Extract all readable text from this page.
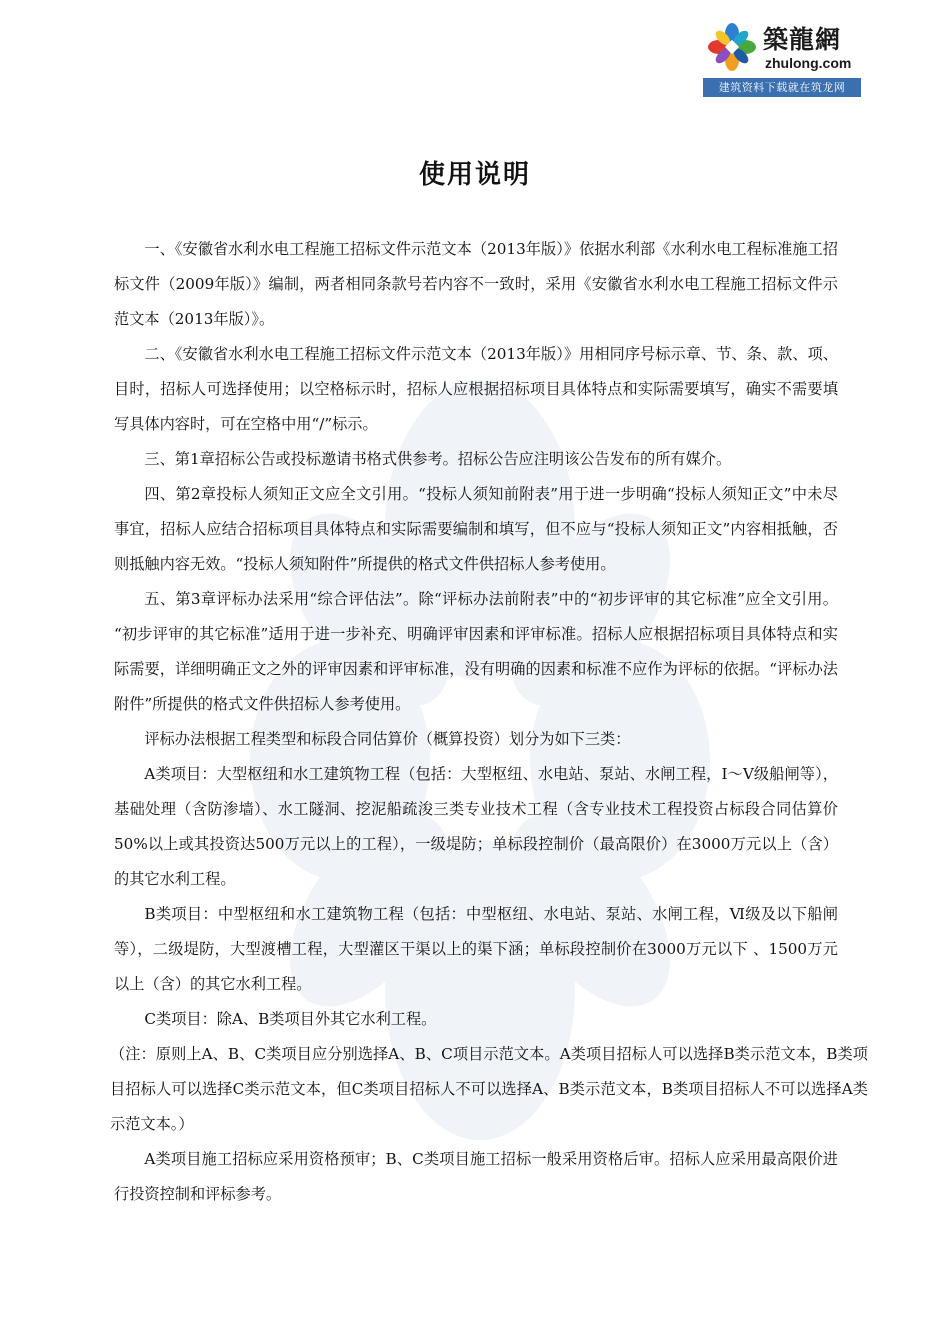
築龍網
zhulong.com
建筑资料下载就在筑龙网
使用说明

一、《安徽省水利水电工程施工招标文件示范文本（2013年版）》依据水利部《水利水电工程标准施工招标文件（2009年版）》编制，两者相同条款号若内容不一致时，采用《安徽省水利水电工程施工招标文件示范文本（2013年版）》。

二、《安徽省水利水电工程施工招标文件示范文本（2013年版）》用相同序号标示章、节、条、款、项、目时，招标人可选择使用；以空格标示时，招标人应根据招标项目具体特点和实际需要填写，确实不需要填写具体内容时，可在空格中用“/”标示。

三、第1章招标公告或投标邀请书格式供参考。招标公告应注明该公告发布的所有媒介。

四、第2章投标人须知正文应全文引用。“投标人须知前附表”用于进一步明确“投标人须知正文”中未尽事宜，招标人应结合招标项目具体特点和实际需要编制和填写，但不应与“投标人须知正文”内容相抵触，否则抵触内容无效。“投标人须知附件”所提供的格式文件供招标人参考使用。

五、第3章评标办法采用“综合评估法”。除“评标办法前附表”中的“初步评审的其它标准”应全文引用。 “初步评审的其它标准”适用于进一步补充、明确评审因素和评审标准。招标人应根据招标项目具体特点和实际需要，详细明确正文之外的评审因素和评审标准，没有明确的因素和标准不应作为评标的依据。“评标办法附件”所提供的格式文件供招标人参考使用。

评标办法根据工程类型和标段合同估算价（概算投资）划分为如下三类：

A类项目：大型枢纽和水工建筑物工程（包括：大型枢纽、水电站、泵站、水闸工程，Ⅰ～Ⅴ级船闸等），基础处理（含防渗墙）、水工隧洞、挖泥船疏浚三类专业技术工程（含专业技术工程投资占标段合同估算价50%以上或其投资达500万元以上的工程），一级堤防；单标段控制价（最高限价）在3000万元以上（含）的其它水利工程。

B类项目：中型枢纽和水工建筑物工程（包括：中型枢纽、水电站、泵站、水闸工程，Ⅵ级及以下船闸等），二级堤防，大型渡槽工程，大型灌区干渠以上的渠下涵；单标段控制价在3000万元以下 、1500万元以上（含）的其它水利工程。

C类项目：除A、B类项目外其它水利工程。

（注：原则上A、B、C类项目应分别选择A、B、C项目示范文本。A类项目招标人可以选择B类示范文本，B类项目招标人可以选择C类示范文本，但C类项目招标人不可以选择A、B类示范文本，B类项目招标人不可以选择A类示范文本。）

A类项目施工招标应采用资格预审；B、C类项目施工招标一般采用资格后审。招标人应采用最高限价进行投资控制和评标参考。
